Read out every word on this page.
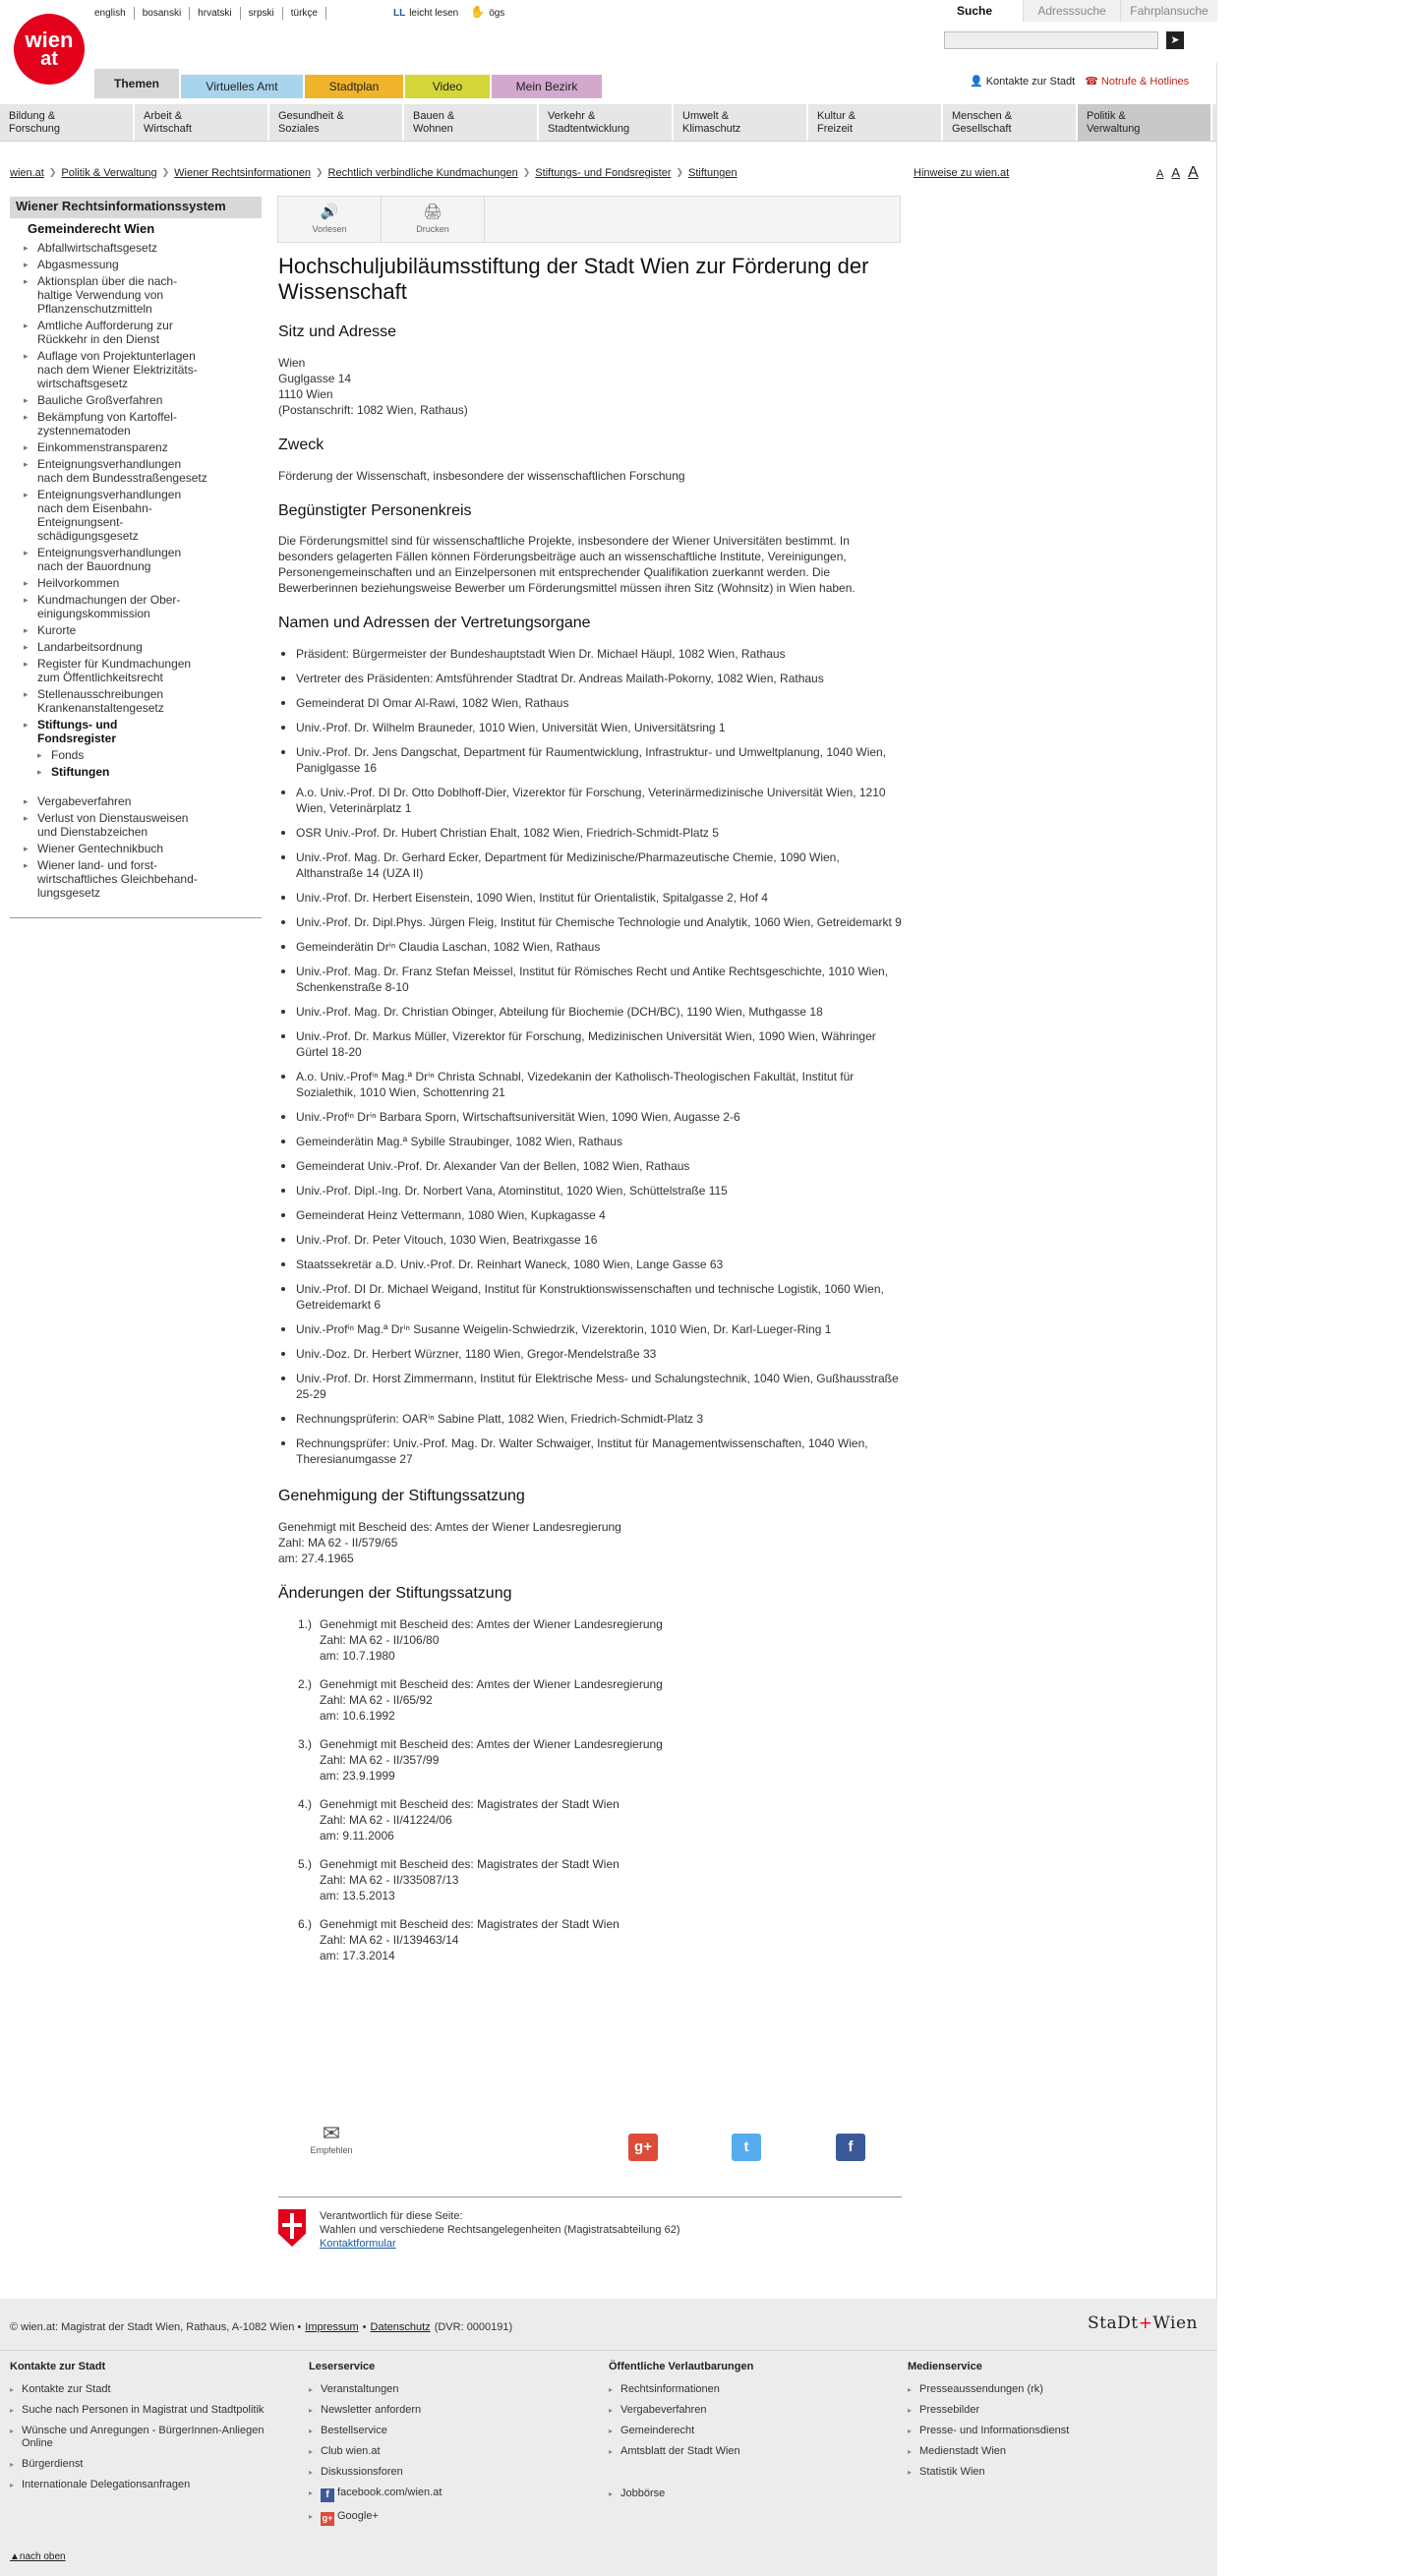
english	bosanski	hrvatski	srpski	türkçe	LL leicht lesen ✋ ögs
wien
at
Suche	Adresssuche	Fahrplansuche
➤
Themen	Virtuelles Amt	Stadtplan	Video	Mein Bezirk	👤 Kontakte zur Stadt ☎ Notrufe & Hotlines
Bildung &
Forschung
Arbeit &
Wirtschaft
Gesundheit &
Soziales
Bauen &
Wohnen
Verkehr &
Stadtentwicklung
Umwelt &
Klimaschutz
Kultur &
Freizeit
Menschen &
Gesellschaft
Politik &
Verwaltung
wien.at ❯ Politik & Verwaltung ❯ Wiener Rechtsinformationen ❯ Rechtlich verbindliche Kundmachungen ❯ Stiftungs- und Fondsregister ❯ Stiftungen	Hinweise zu wien.at	A A A
Wiener Rechtsinformationssystem
Gemeinderecht Wien
▸ Abfallwirtschaftsgesetz
▸ Abgasmessung
▸ Aktionsplan über die nach-
haltige Verwendung von
Pflanzenschutzmitteln
▸ Amtliche Aufforderung zur
Rückkehr in den Dienst
▸ Auflage von Projektunterlagen
nach dem Wiener Elektrizitäts-
wirtschaftsgesetz
▸ Bauliche Großverfahren
▸ Bekämpfung von Kartoffel-
zystennematoden
▸ Einkommenstransparenz
▸ Enteignungsverhandlungen
nach dem Bundesstraßengesetz
▸ Enteignungsverhandlungen
nach dem Eisenbahn-
Enteignungsent-
schädigungsgesetz
▸ Enteignungsverhandlungen
nach der Bauordnung
▸ Heilvorkommen
▸ Kundmachungen der Ober-
einigungskommission
▸ Kurorte
▸ Landarbeitsordnung
▸ Register für Kundmachungen
zum Öffentlichkeitsrecht
▸ Stellenausschreibungen
Krankenanstaltengesetz
▸ Stiftungs- und
Fondsregister
▸ Fonds
▸ Stiftungen
▸ Vergabeverfahren
▸ Verlust von Dienstausweisen
und Dienstabzeichen
▸ Wiener Gentechnikbuch
▸ Wiener land- und forst-
wirtschaftliches Gleichbehand-
lungsgesetz
🔊
Vorlesen
🖨
Drucken
Hochschuljubiläumsstiftung der Stadt Wien zur Förderung der Wissenschaft
Sitz und Adresse
Wien
Guglgasse 14
1110 Wien
(Postanschrift: 1082 Wien, Rathaus)
Zweck

Förderung der Wissenschaft, insbesondere der wissenschaftlichen Forschung

Begünstigter Personenkreis

Die Förderungsmittel sind für wissenschaftliche Projekte, insbesondere der Wiener Universitäten bestimmt. In besonders gelagerten Fällen können Förderungsbeiträge auch an wissenschaftliche Institute, Vereinigungen, Personengemeinschaften und an Einzelpersonen mit entsprechender Qualifikation zuerkannt werden. Die Bewerberinnen beziehungsweise Bewerber um Förderungsmittel müssen ihren Sitz (Wohnsitz) in Wien haben.

Namen und Adressen der Vertretungsorgane
Präsident: Bürgermeister der Bundeshauptstadt Wien Dr. Michael Häupl, 1082 Wien, Rathaus
Vertreter des Präsidenten: Amtsführender Stadtrat Dr. Andreas Mailath-Pokorny, 1082 Wien, Rathaus
Gemeinderat DI Omar Al-Rawi, 1082 Wien, Rathaus
Univ.-Prof. Dr. Wilhelm Brauneder, 1010 Wien, Universität Wien, Universitätsring 1
Univ.-Prof. Dr. Jens Dangschat, Department für Raumentwicklung, Infrastruktur- und Umweltplanung, 1040 Wien, Paniglgasse 16
A.o. Univ.-Prof. DI Dr. Otto Doblhoff-Dier, Vizerektor für Forschung, Veterinärmedizinische Universität Wien, 1210 Wien, Veterinärplatz 1
OSR Univ.-Prof. Dr. Hubert Christian Ehalt, 1082 Wien, Friedrich-Schmidt-Platz 5
Univ.-Prof. Mag. Dr. Gerhard Ecker, Department für Medizinische/Pharmazeutische Chemie, 1090 Wien, Althanstraße 14 (UZA II)
Univ.-Prof. Dr. Herbert Eisenstein, 1090 Wien, Institut für Orientalistik, Spitalgasse 2, Hof 4
Univ.-Prof. Dr. Dipl.Phys. Jürgen Fleig, Institut für Chemische Technologie und Analytik, 1060 Wien, Getreidemarkt 9
Gemeinderätin Drⁱⁿ Claudia Laschan, 1082 Wien, Rathaus
Univ.-Prof. Mag. Dr. Franz Stefan Meissel, Institut für Römisches Recht und Antike Rechtsgeschichte, 1010 Wien, Schenkenstraße 8-10
Univ.-Prof. Mag. Dr. Christian Obinger, Abteilung für Biochemie (DCH/BC), 1190 Wien, Muthgasse 18
Univ.-Prof. Dr. Markus Müller, Vizerektor für Forschung, Medizinischen Universität Wien, 1090 Wien, Währinger Gürtel 18-20
A.o. Univ.-Profⁱⁿ Mag.ª Drⁱⁿ Christa Schnabl, Vizedekanin der Katholisch-Theologischen Fakultät, Institut für Sozialethik, 1010 Wien, Schottenring 21
Univ.-Profⁱⁿ Drⁱⁿ Barbara Sporn, Wirtschaftsuniversität Wien, 1090 Wien, Augasse 2-6
Gemeinderätin Mag.ª Sybille Straubinger, 1082 Wien, Rathaus
Gemeinderat Univ.-Prof. Dr. Alexander Van der Bellen, 1082 Wien, Rathaus
Univ.-Prof. Dipl.-Ing. Dr. Norbert Vana, Atominstitut, 1020 Wien, Schüttelstraße 115
Gemeinderat Heinz Vettermann, 1080 Wien, Kupkagasse 4
Univ.-Prof. Dr. Peter Vitouch, 1030 Wien, Beatrixgasse 16
Staatssekretär a.D. Univ.-Prof. Dr. Reinhart Waneck, 1080 Wien, Lange Gasse 63
Univ.-Prof. DI Dr. Michael Weigand, Institut für Konstruktionswissenschaften und technische Logistik, 1060 Wien, Getreidemarkt 6
Univ.-Profⁱⁿ Mag.ª Drⁱⁿ Susanne Weigelin-Schwiedrzik, Vizerektorin, 1010 Wien, Dr. Karl-Lueger-Ring 1
Univ.-Doz. Dr. Herbert Würzner, 1180 Wien, Gregor-Mendelstraße 33
Univ.-Prof. Dr. Horst Zimmermann, Institut für Elektrische Mess- und Schalungstechnik, 1040 Wien, Gußhausstraße 25-29
Rechnungsprüferin: OARⁱⁿ Sabine Platt, 1082 Wien, Friedrich-Schmidt-Platz 3
Rechnungsprüfer: Univ.-Prof. Mag. Dr. Walter Schwaiger, Institut für Managementwissenschaften, 1040 Wien, Theresianumgasse 27
Genehmigung der Stiftungssatzung
Genehmigt mit Bescheid des: Amtes der Wiener Landesregierung
Zahl: MA 62 - II/579/65
am: 27.4.1965
Änderungen der Stiftungssatzung
1.) Genehmigt mit Bescheid des: Amtes der Wiener Landesregierung
Zahl: MA 62 - II/106/80
am: 10.7.1980
2.) Genehmigt mit Bescheid des: Amtes der Wiener Landesregierung
Zahl: MA 62 - II/65/92
am: 10.6.1992
3.) Genehmigt mit Bescheid des: Amtes der Wiener Landesregierung
Zahl: MA 62 - II/357/99
am: 23.9.1999
4.) Genehmigt mit Bescheid des: Magistrates der Stadt Wien
Zahl: MA 62 - II/41224/06
am: 9.11.2006
5.) Genehmigt mit Bescheid des: Magistrates der Stadt Wien
Zahl: MA 62 - II/335087/13
am: 13.5.2013
6.) Genehmigt mit Bescheid des: Magistrates der Stadt Wien
Zahl: MA 62 - II/139463/14
am: 17.3.2014
✉
Empfehlen	g+	t	f
Verantwortlich für diese Seite:
Wahlen und verschiedene Rechtsangelegenheiten (Magistratsabteilung 62)
Kontaktformular
© wien.at: Magistrat der Stadt Wien, Rathaus, A-1082 Wien • Impressum • Datenschutz (DVR: 0000191)	StaDt+Wien
Kontakte zur Stadt
▸ Kontakte zur Stadt
▸ Suche nach Personen in Magistrat und Stadtpolitik
▸ Wünsche und Anregungen - BürgerInnen-Anliegen Online
▸ Bürgerdienst
▸ Internationale Delegationsanfragen
Leserservice
▸ Veranstaltungen
▸ Newsletter anfordern
▸ Bestellservice
▸ Club wien.at
▸ Diskussionsforen
▸ f facebook.com/wien.at
▸ g+ Google+
Öffentliche Verlautbarungen
▸ Rechtsinformationen
▸ Vergabeverfahren
▸ Gemeinderecht
▸ Amtsblatt der Stadt Wien
▸ Jobbörse
Medienservice
▸ Presseaussendungen (rk)
▸ Pressebilder
▸ Presse- und Informationsdienst
▸ Medienstadt Wien
▸ Statistik Wien
▲nach oben
